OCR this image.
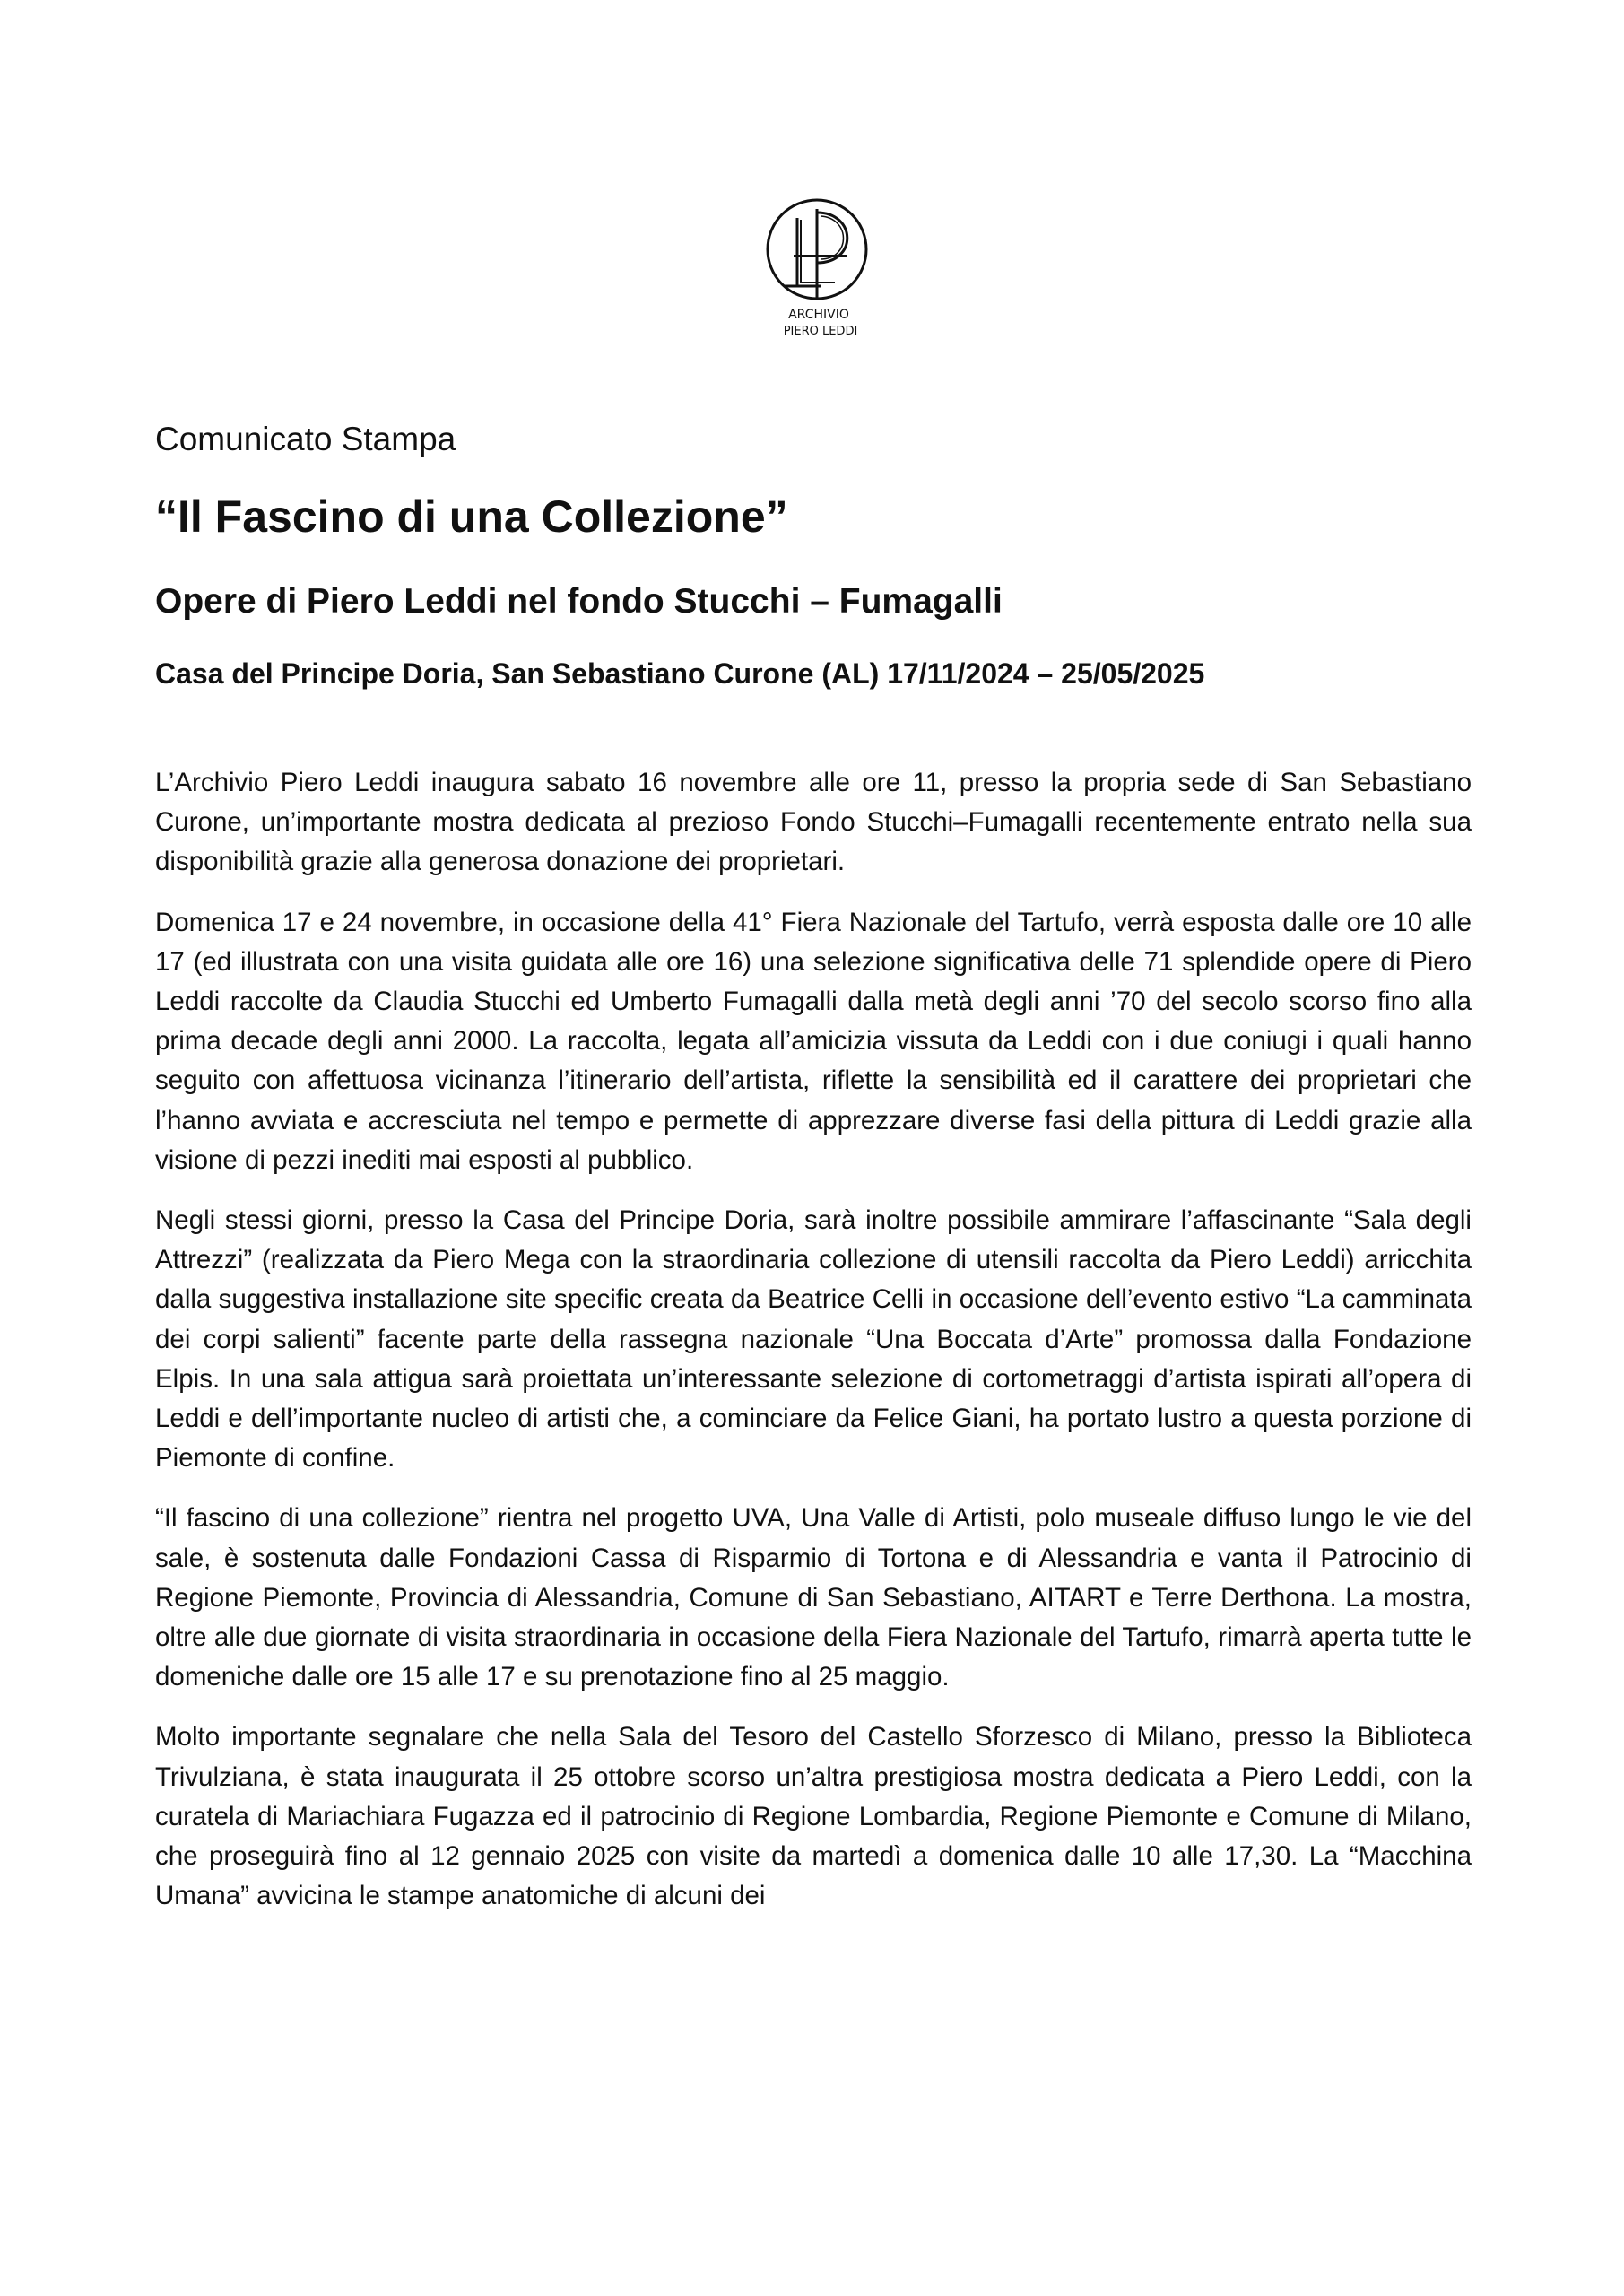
ARCHIVIO
PIERO LEDDI
Comunicato Stampa
“Il Fascino di una Collezione”
Opere di Piero Leddi nel fondo Stucchi – Fumagalli
Casa del Principe Doria, San Sebastiano Curone (AL) 17/11/2024 – 25/05/2025

L’Archivio Piero Leddi inaugura sabato 16 novembre alle ore 11, presso la propria sede di San Sebastiano Curone, un’importante mostra dedicata al prezioso Fondo Stucchi–Fumagalli recentemente entrato nella sua disponibilità grazie alla generosa donazione dei proprietari.

Domenica 17 e 24 novembre, in occasione della 41° Fiera Nazionale del Tartufo, verrà esposta dalle ore 10 alle 17 (ed illustrata con una visita guidata alle ore 16) una selezione significativa delle 71 splendide opere di Piero Leddi raccolte da Claudia Stucchi ed Umberto Fumagalli dalla metà degli anni ’70 del secolo scorso fino alla prima decade degli anni 2000. La raccolta, legata all’amicizia vissuta da Leddi con i due coniugi i quali hanno seguito con affettuosa vicinanza l’itinerario dell’artista, riflette la sensibilità ed il carattere dei proprietari che l’hanno avviata e accresciuta nel tempo e permette di apprezzare diverse fasi della pittura di Leddi grazie alla visione di pezzi inediti mai esposti al pubblico.

Negli stessi giorni, presso la Casa del Principe Doria, sarà inoltre possibile ammirare l’affascinante “Sala degli Attrezzi” (realizzata da Piero Mega con la straordinaria collezione di utensili raccolta da Piero Leddi) arricchita dalla suggestiva installazione site specific creata da Beatrice Celli in occasione dell’evento estivo “La camminata dei corpi salienti” facente parte della rassegna nazionale “Una Boccata d’Arte” promossa dalla Fondazione Elpis. In una sala attigua sarà proiettata un’interessante selezione di cortometraggi d’artista ispirati all’opera di Leddi e dell’importante nucleo di artisti che, a cominciare da Felice Giani, ha portato lustro a questa porzione di Piemonte di confine.

“Il fascino di una collezione” rientra nel progetto UVA, Una Valle di Artisti, polo museale diffuso lungo le vie del sale, è sostenuta dalle Fondazioni Cassa di Risparmio di Tortona e di Alessandria e vanta il Patrocinio di Regione Piemonte, Provincia di Alessandria, Comune di San Sebastiano, AITART e Terre Derthona. La mostra, oltre alle due giornate di visita straordinaria in occasione della Fiera Nazionale del Tartufo, rimarrà aperta tutte le domeniche dalle ore 15 alle 17 e su prenotazione fino al 25 maggio.

Molto importante segnalare che nella Sala del Tesoro del Castello Sforzesco di Milano, presso la Biblioteca Trivulziana, è stata inaugurata il 25 ottobre scorso un’altra prestigiosa mostra dedicata a Piero Leddi, con la curatela di Mariachiara Fugazza ed il patrocinio di Regione Lombardia, Regione Piemonte e Comune di Milano, che proseguirà fino al 12 gennaio 2025 con visite da martedì a domenica dalle 10 alle 17,30. La “Macchina Umana” avvicina le stampe anatomiche di alcuni dei
